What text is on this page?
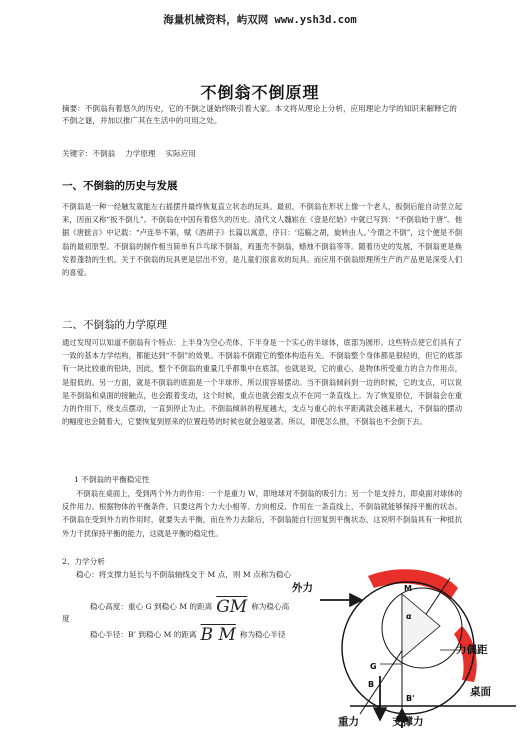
海量机械资料，屿双网 www.ysh3d.com
不倒翁不倒原理
摘要：不倒翁有着悠久的历史，它的不倒之谜始终吸引着大家。本文将从理论上分析，应用理论力学的知识来解释它的不倒之谜，并加以推广其在生活中的可用之处。
关键字：不倒翁 力学原理 实际应用
一、不倒翁的历史与发展
不倒翁是一种一经触发就能左右摇摆并最终恢复直立状态的玩具。最初，不倒翁在形状上像一个老人，扳倒后能自动竖立起来，因而又称“扳不倒儿”。不倒翁在中国有着悠久的历史。清代文人魏崧在《壹是纪始》中就已写到：“不倒翁始于唐”。他据《唐摭言》中记载：“卢连举不第，赋《酒胡子》长篇以寓意，序曰：‘巡觞之胡，旋转由人。’今谓之不倒”，这个便是不倒翁的最初原型。不倒翁的制作相当简单有乒乓球不倒翁，鸡蛋壳不倒翁，蜡烛不倒翁等等。随着历史的发展，不倒翁更是焕发着蓬勃的生机。关于不倒翁的玩具更是层出不穷，是儿童们很喜欢的玩具。而应用不倒翁原理所生产的产品更是深受人们的喜爱。
二、不倒翁的力学原理
通过发现可以知道不倒翁有个特点：上半身为空心壳体、下半身是一个实心的半球体，底部为圆形。这些特点使它们具有了一致的基本力学结构，都能达到“不倒”的效果。不倒翁不倒跟它的整体构造有关。不倒翁整个身体都是很轻的，但它的底部有一块比较重的铅块，因此，整个不倒翁的重量几乎都集中在底部，也就是说，它的重心，是物体所受重力的合力作用点，是很低的。另一方面，就是不倒翁的底面是一个半球形，所以很容易摆动。当不倒翁倾斜到一边的时候，它的支点，可以说是不倒翁和桌面的接触点，也会跟着变动，这个时候，重点也就会跟支点不在同一条直线上。为了恢复原位，不倒翁会在重力的作用下，绕支点摆动，一直到停止为止。不倒翁倾斜的程度越大，支点与重心的水平距离就会越来越大，不倒翁的摆动的幅度也会随着大，它要恢复到原来的位置趋势的时候也就会越显著。所以，即使怎么推，不倒翁也不会倒下去。
1 不倒翁的平衡稳定性
不倒翁在桌面上，受到两个外力的作用：一个是重力 W，即地球对不倒翁的吸引力；另一个是支持力，即桌面对球体的反作用力。根据物体的平衡条件，只要这两个力大小相等、方向相反、作用在一条直线上，不倒翁就能够保持平衡的状态。不倒翁在受到外力的作用时，就要失去平衡，而在外力去除后，不倒翁能自行回复到平衡状态，这说明不倒翁具有一种抵抗外力干扰保持平衡的能力，这就是平衡的稳定性。
2、力学分析
稳心：将支撑力延长与不倒翁轴线交于 M 点，则 M 点称为稳心
稳心高度：重心 G 到稳心 M 的距离 $\overline{GM}$ 称为稳心高度
稳心半径：B’ 到稳心 M 的距离 B M 称为稳心半径
外力
力偶距
桌面
重力	支撑力
M
α
G
B
B'
